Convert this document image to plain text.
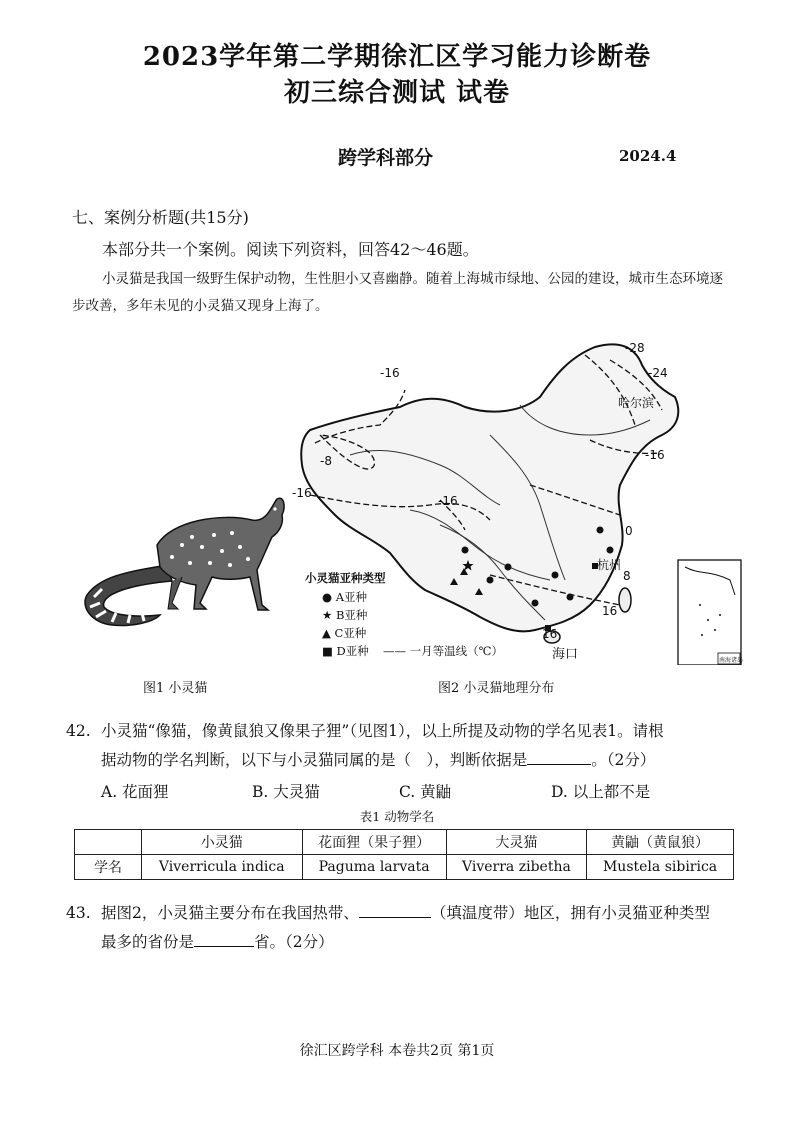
2023学年第二学期徐汇区学习能力诊断卷
初三综合测试 试卷
跨学科部分	2024.4
七、案例分析题(共15分)
本部分共一个案例。阅读下列资料，回答42～46题。
小灵猫是我国一级野生保护动物，生性胆小又喜幽静。随着上海城市绿地、公园的建设，城市生态环境逐步改善，多年未见的小灵猫又现身上海了。
图1 小灵猫
-28
-24
-16
-16
-8
-16
-16
0
8
16
16
哈尔滨
杭州
南海诸岛
小灵猫亚种类型
● A亚种
★ B亚种
▲ C亚种
■ D亚种 —— 一月等温线（℃）	海口
图2 小灵猫地理分布
42. 小灵猫“像猫，像黄鼠狼又像果子狸”（见图1），以上所提及动物的学名见表1。请根
据动物的学名判断，以下与小灵猫同属的是（　），判断依据是	。（2分）
A. 花面狸	B. 大灵猫	C. 黄鼬	D. 以上都不是
表1 动物学名
	小灵猫	花面狸（果子狸）	大灵猫	黄鼬（黄鼠狼）
学名	Viverricula indica	Paguma larvata	Viverra zibetha	Mustela sibirica
43. 据图2，小灵猫主要分布在我国热带、	（填温度带）地区，拥有小灵猫亚种类型
最多的省份是	省。（2分）
徐汇区跨学科 本卷共2页 第1页
